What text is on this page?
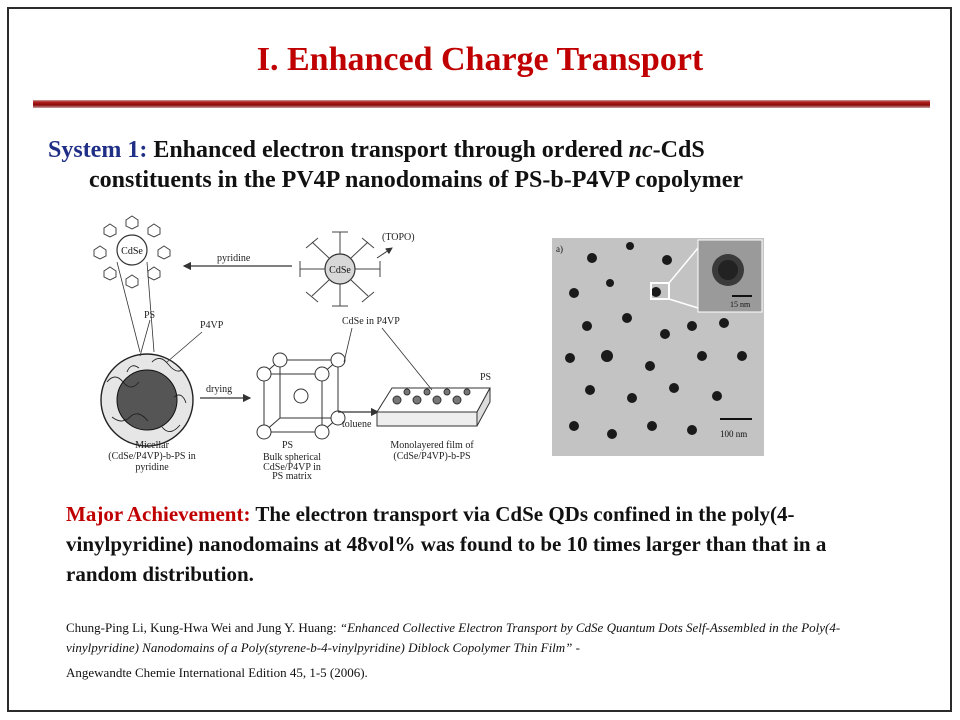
I. Enhanced Charge Transport
System 1: Enhanced electron transport through ordered nc-CdS
constituents in the PV4P nanodomains of PS-b-P4VP copolymer
CdSe
pyridine
CdSe
(TOPO)
PS
P4VP
drying
PS
toluene
CdSe in P4VP
PS
Micellar
(CdSe/P4VP)-b-PS in
pyridine
Bulk spherical
CdSe/P4VP in
PS matrix
Monolayered film of
(CdSe/P4VP)-b-PS
a)
15 nm
100 nm
Major Achievement: The electron transport via CdSe QDs confined in the poly(4-vinylpyridine) nanodomains at 48vol% was found to be 10 times larger than that in a random distribution.
Chung-Ping Li, Kung-Hwa Wei and Jung Y. Huang: “Enhanced Collective Electron Transport by CdSe Quantum Dots Self-Assembled in the Poly(4-vinylpyridine) Nanodomains of a Poly(styrene-b-4-vinylpyridine) Diblock Copolymer Thin Film” -
Angewandte Chemie International Edition 45, 1-5 (2006).
